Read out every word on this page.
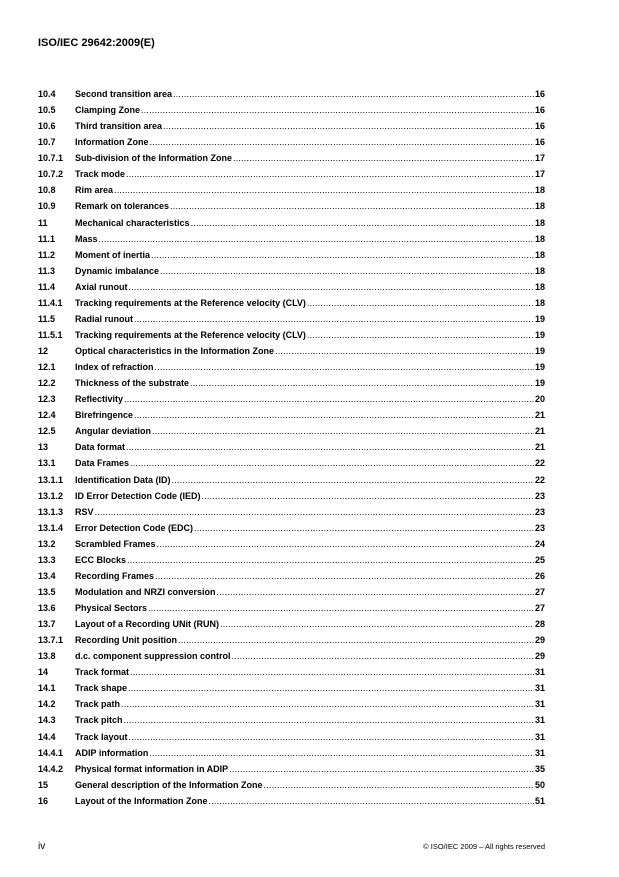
ISO/IEC 29642:2009(E)
10.4	Second transition area .....	16
10.5	Clamping Zone .....	16
10.6	Third transition area .....	16
10.7	Information Zone .....	16
10.7.1	Sub-division of the Information Zone .....	17
10.7.2	Track mode .....	17
10.8	Rim area .....	18
10.9	Remark on tolerances .....	18
11	Mechanical characteristics .....	18
11.1	Mass .....	18
11.2	Moment of inertia .....	18
11.3	Dynamic imbalance .....	18
11.4	Axial runout .....	18
11.4.1	Tracking requirements at the Reference velocity (CLV) .....	18
11.5	Radial runout .....	19
11.5.1	Tracking requirements at the Reference velocity (CLV) .....	19
12	Optical characteristics in the Information Zone .....	19
12.1	Index of refraction .....	19
12.2	Thickness of the substrate .....	19
12.3	Reflectivity .....	20
12.4	Birefringence .....	21
12.5	Angular deviation .....	21
13	Data format .....	21
13.1	Data Frames .....	22
13.1.1	Identification Data (ID) .....	22
13.1.2	ID Error Detection Code (IED) .....	23
13.1.3	RSV .....	23
13.1.4	Error Detection Code (EDC) .....	23
13.2	Scrambled Frames .....	24
13.3	ECC Blocks .....	25
13.4	Recording Frames .....	26
13.5	Modulation and NRZI conversion .....	27
13.6	Physical Sectors .....	27
13.7	Layout of a Recording UNit (RUN) .....	28
13.7.1	Recording Unit position .....	29
13.8	d.c. component suppression control .....	29
14	Track format .....	31
14.1	Track shape .....	31
14.2	Track path .....	31
14.3	Track pitch .....	31
14.4	Track layout .....	31
14.4.1	ADIP information .....	31
14.4.2	Physical format information in ADIP .....	35
15	General description of the Information Zone .....	50
16	Layout of the Information Zone .....	51
iv	© ISO/IEC 2009 – All rights reserved
